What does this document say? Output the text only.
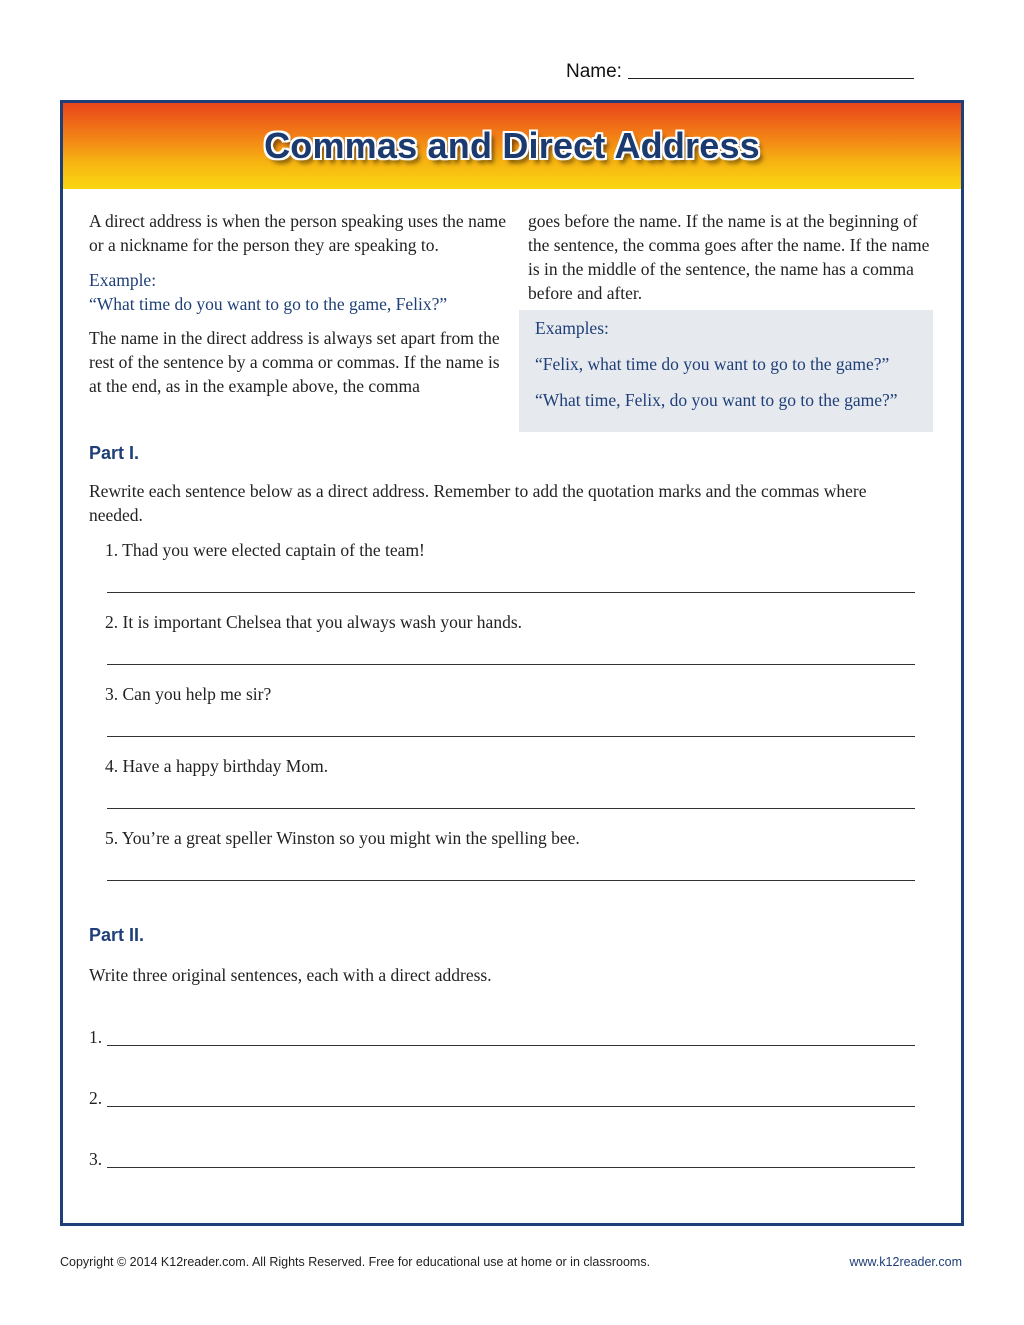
Name:
Commas and Direct Address

A direct address is when the person speaking uses the name or a nickname for the person they are speaking to.

Example:

“What time do you want to go to the game, Felix?”

The name in the direct address is always set apart from the rest of the sentence by a comma or commas. If the name is at the end, as in the example above, the comma

goes before the name. If the name is at the beginning of the sentence, the comma goes after the name. If the name is in the middle of the sentence, the name has a comma before and after.

Examples:
“Felix, what time do you want to go to the game?”
“What time, Felix, do you want to go to the game?”
Part I.
Rewrite each sentence below as a direct address. Remember to add the quotation marks and the commas where needed.
1. Thad you were elected captain of the team!
2. It is important Chelsea that you always wash your hands.
3. Can you help me sir?
4. Have a happy birthday Mom.
5. You’re a great speller Winston so you might win the spelling bee.
Part II.
Write three original sentences, each with a direct address.
1.
2.
3.
Copyright © 2014 K12reader.com. All Rights Reserved. Free for educational use at home or in classrooms.	www.k12reader.com
